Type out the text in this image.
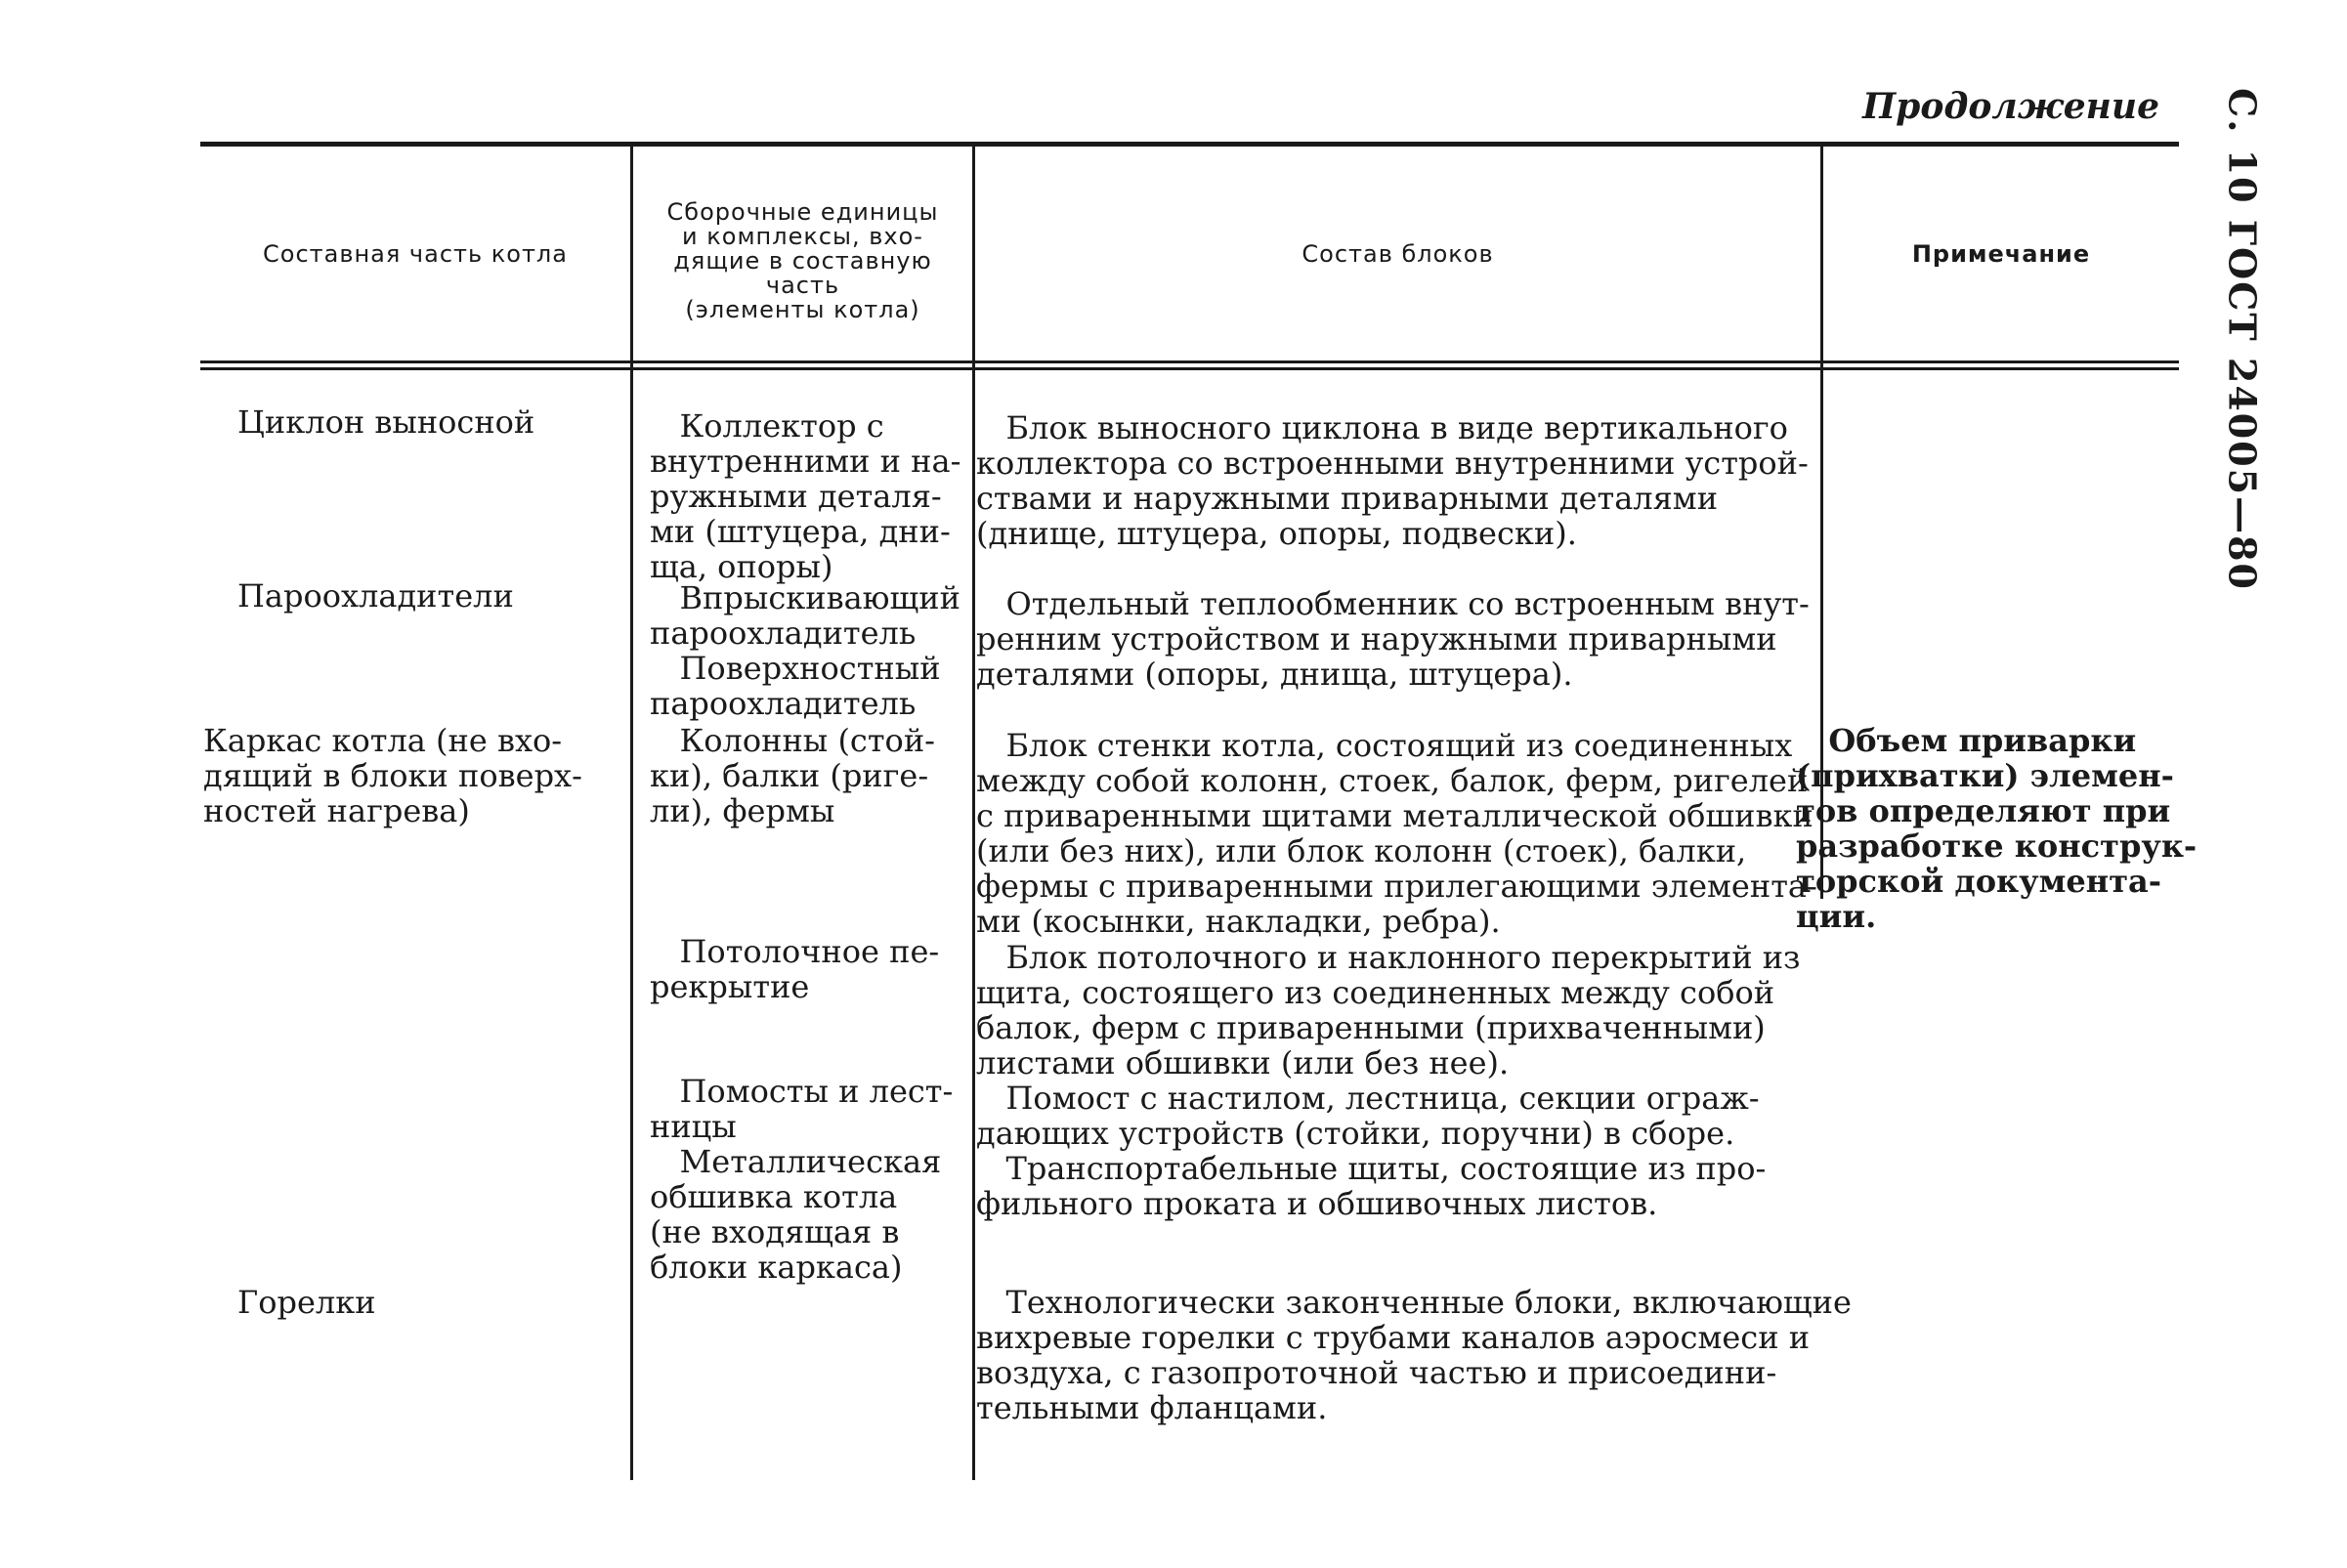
Продолжение С. 10 ГОСТ 24005—80
Составная часть котла
Сборочные единицы
и комплексы, вхо-
дящие в составную
часть
(элементы котла)
Состав блоков	Примечание
Циклон выносной
Пароохладители
Каркас котла (не вхо-
дящий в блоки поверх-
ностей нагрева)
Горелки
Коллектор с
внутренними и на-
ружными деталя-
ми (штуцера, дни-
ща, опоры)
Впрыскивающий
пароохладитель
Поверхностный
пароохладитель
Колонны (стой-
ки), балки (риге-
ли), фермы
Потолочное пе-
рекрытие
Помосты и лест-
ницы
Металлическая
обшивка котла
(не входящая в
блоки каркаса)
Блок выносного циклона в виде вертикального
коллектора со встроенными внутренними устрой-
ствами и наружными приварными деталями
(днище, штуцера, опоры, подвески).
Отдельный теплообменник со встроенным внут-
ренним устройством и наружными приварными
деталями (опоры, днища, штуцера).
Блок стенки котла, состоящий из соединенных
между собой колонн, стоек, балок, ферм, ригелей
с приваренными щитами металлической обшивки
(или без них), или блок колонн (стоек), балки,
фермы с приваренными прилегающими элемента-
ми (косынки, накладки, ребра).
Блок потолочного и наклонного перекрытий из
щита, состоящего из соединенных между собой
балок, ферм с приваренными (прихваченными)
листами обшивки (или без нее).
Помост с настилом, лестница, секции ограж-
дающих устройств (стойки, поручни) в сборе.
Транспортабельные щиты, состоящие из про-
фильного проката и обшивочных листов.
Технологически законченные блоки, включающие
вихревые горелки с трубами каналов аэросмеси и
воздуха, с газопроточной частью и присоедини-
тельными фланцами.
Объем приварки
(прихватки) элемен-
тов определяют при
разработке конструк-
торской документа-
ции.
